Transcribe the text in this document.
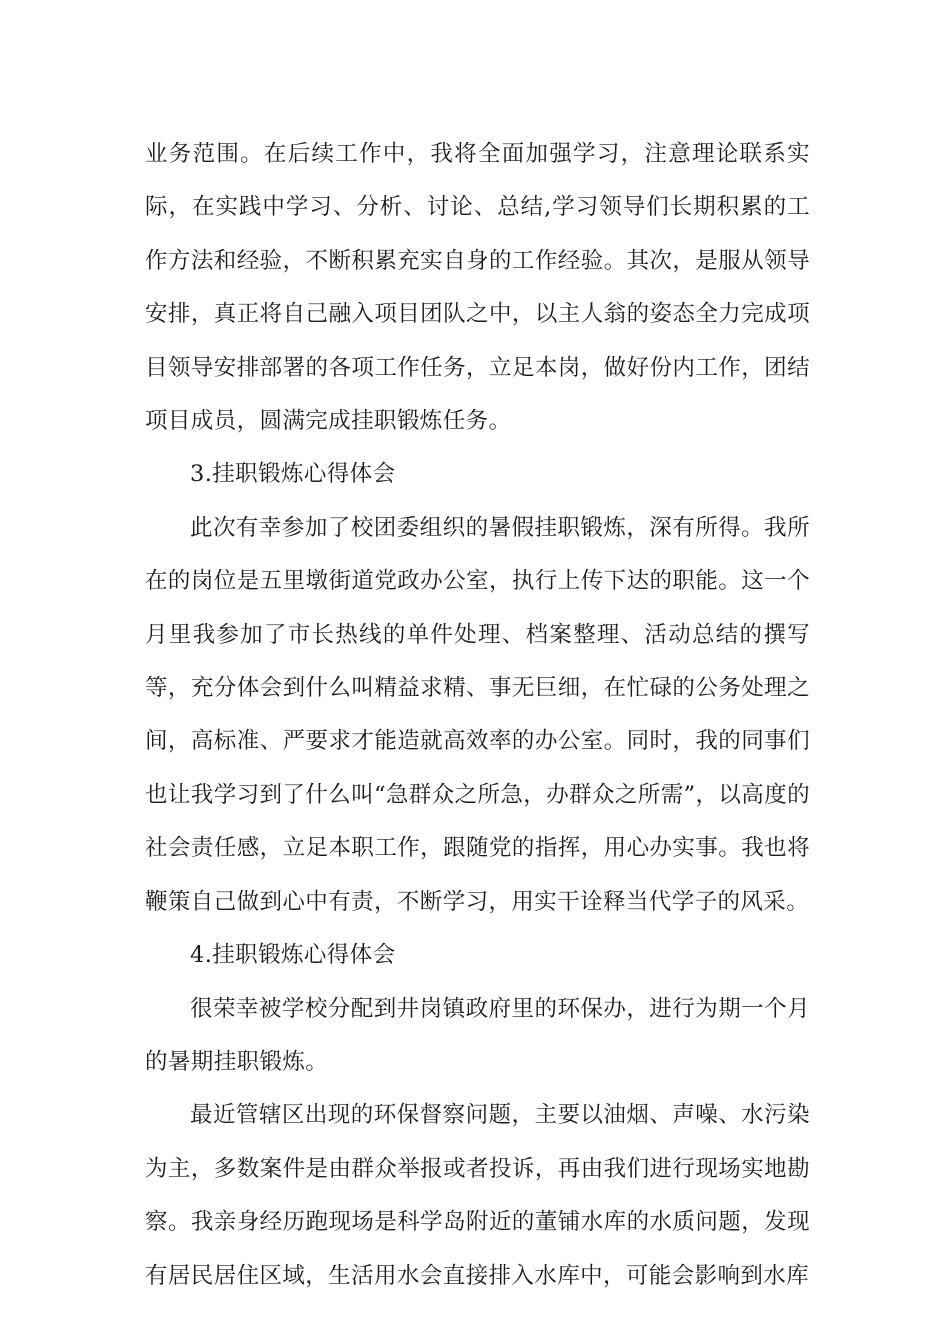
业务范围。在后续工作中，我将全面加强学习，注意理论联系实际，在实践中学习、分析、讨论、总结,学习领导们长期积累的工作方法和经验，不断积累充实自身的工作经验。其次，是服从领导安排，真正将自己融入项目团队之中，以主人翁的姿态全力完成项目领导安排部署的各项工作任务，立足本岗，做好份内工作，团结项目成员，圆满完成挂职锻炼任务。

3.挂职锻炼心得体会

此次有幸参加了校团委组织的暑假挂职锻炼，深有所得。我所在的岗位是五里墩街道党政办公室，执行上传下达的职能。这一个月里我参加了市长热线的单件处理、档案整理、活动总结的撰写等，充分体会到什么叫精益求精、事无巨细，在忙碌的公务处理之间，高标准、严要求才能造就高效率的办公室。同时，我的同事们也让我学习到了什么叫“急群众之所急，办群众之所需”，以高度的社会责任感，立足本职工作，跟随党的指挥，用心办实事。我也将鞭策自己做到心中有责，不断学习，用实干诠释当代学子的风采。

4.挂职锻炼心得体会

很荣幸被学校分配到井岗镇政府里的环保办，进行为期一个月的暑期挂职锻炼。

最近管辖区出现的环保督察问题，主要以油烟、声噪、水污染为主，多数案件是由群众举报或者投诉，再由我们进行现场实地勘察。我亲身经历跑现场是科学岛附近的董铺水库的水质问题，发现有居民居住区域，生活用水会直接排入水库中，可能会影响到水库
